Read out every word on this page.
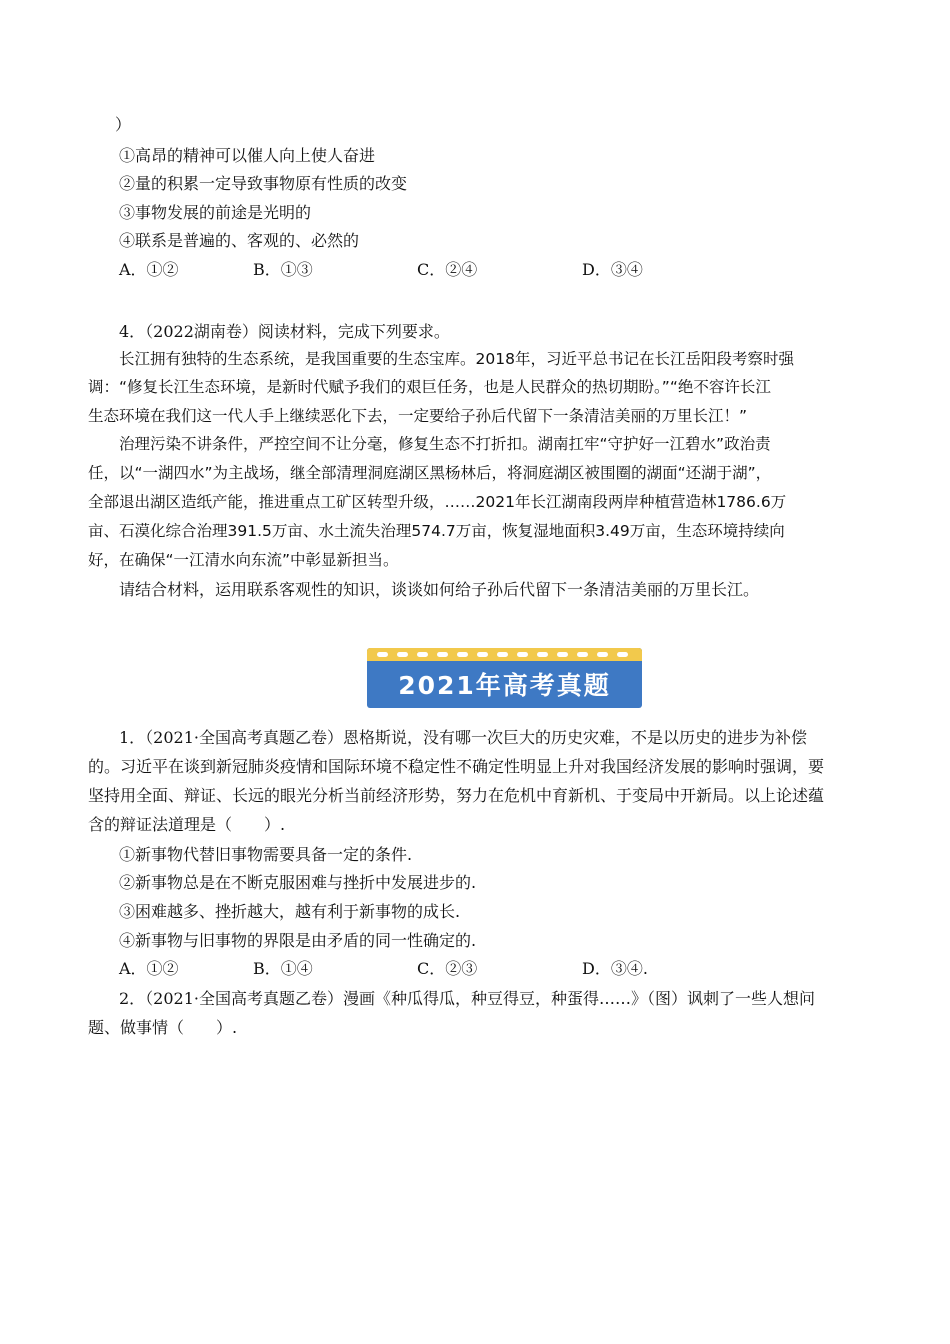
）
①高昂的精神可以催人向上使人奋进
②量的积累一定导致事物原有性质的改变
③事物发展的前途是光明的
④联系是普遍的、客观的、必然的
A．①②	B．①③	C．②④	D．③④
4．（2022湖南卷）阅读材料，完成下列要求。
长江拥有独特的生态系统，是我国重要的生态宝库。2018年，习近平总书记在长江岳阳段考察时强
调：“修复长江生态环境，是新时代赋予我们的艰巨任务，也是人民群众的热切期盼。”“绝不容许长江
生态环境在我们这一代人手上继续恶化下去，一定要给子孙后代留下一条清洁美丽的万里长江！”
治理污染不讲条件，严控空间不让分毫，修复生态不打折扣。湖南扛牢“守护好一江碧水”政治责
任，以“一湖四水”为主战场，继全部清理洞庭湖区黑杨林后，将洞庭湖区被围圈的湖面“还湖于湖”，
全部退出湖区造纸产能，推进重点工矿区转型升级，……2021年长江湖南段两岸种植营造林1786.6万
亩、石漠化综合治理391.5万亩、水土流失治理574.7万亩，恢复湿地面积3.49万亩，生态环境持续向
好，在确保“一江清水向东流”中彰显新担当。
请结合材料，运用联系客观性的知识，谈谈如何给子孙后代留下一条清洁美丽的万里长江。
2021年高考真题
1．（2021·全国高考真题乙卷）恩格斯说，没有哪一次巨大的历史灾难，不是以历史的进步为补偿
的。习近平在谈到新冠肺炎疫情和国际环境不稳定性不确定性明显上升对我国经济发展的影响时强调，要
坚持用全面、辩证、长远的眼光分析当前经济形势，努力在危机中育新机、于变局中开新局。以上论述蕴
含的辩证法道理是（　　）.
①新事物代替旧事物需要具备一定的条件.
②新事物总是在不断克服困难与挫折中发展进步的.
③困难越多、挫折越大，越有利于新事物的成长.
④新事物与旧事物的界限是由矛盾的同一性确定的.
A．①②	B．①④	C．②③	D．③④.
2．（2021·全国高考真题乙卷）漫画《种瓜得瓜，种豆得豆，种蛋得……》（图）讽刺了一些人想问
题、做事情（　　）.
